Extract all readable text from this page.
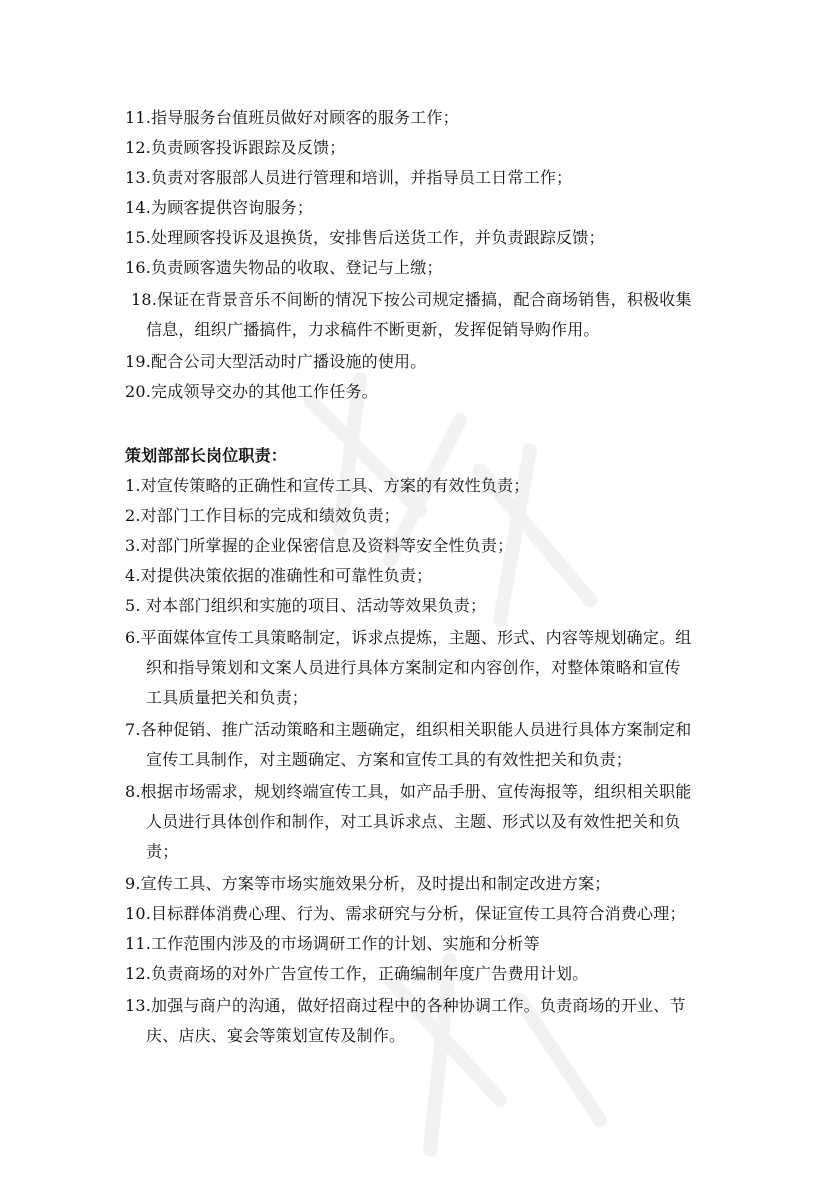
11.指导服务台值班员做好对顾客的服务工作；
12.负责顾客投诉跟踪及反馈；
13.负责对客服部人员进行管理和培训，并指导员工日常工作；
14.为顾客提供咨询服务；
15.处理顾客投诉及退换货，安排售后送货工作，并负责跟踪反馈；
16.负责顾客遗失物品的收取、登记与上缴；
18.保证在背景音乐不间断的情况下按公司规定播搞，配合商场销售，积极收集
信息，组织广播搞件，力求稿件不断更新，发挥促销导购作用。
19.配合公司大型活动时广播设施的使用。
20.完成领导交办的其他工作任务。
策划部部长岗位职责：
1.对宣传策略的正确性和宣传工具、方案的有效性负责；
2.对部门工作目标的完成和绩效负责；
3.对部门所掌握的企业保密信息及资料等安全性负责；
4.对提供决策依据的准确性和可靠性负责；
5. 对本部门组织和实施的项目、活动等效果负责；
6.平面媒体宣传工具策略制定，诉求点提炼，主题、形式、内容等规划确定。组
织和指导策划和文案人员进行具体方案制定和内容创作，对整体策略和宣传
工具质量把关和负责；
7.各种促销、推广活动策略和主题确定，组织相关职能人员进行具体方案制定和
宣传工具制作，对主题确定、方案和宣传工具的有效性把关和负责；
8.根据市场需求，规划终端宣传工具，如产品手册、宣传海报等，组织相关职能
人员进行具体创作和制作，对工具诉求点、主题、形式以及有效性把关和负
责；
9.宣传工具、方案等市场实施效果分析，及时提出和制定改进方案；
10.目标群体消费心理、行为、需求研究与分析，保证宣传工具符合消费心理；
11.工作范围内涉及的市场调研工作的计划、实施和分析等
12.负责商场的对外广告宣传工作，正确编制年度广告费用计划。
13.加强与商户的沟通，做好招商过程中的各种协调工作。负责商场的开业、节
庆、店庆、宴会等策划宣传及制作。
